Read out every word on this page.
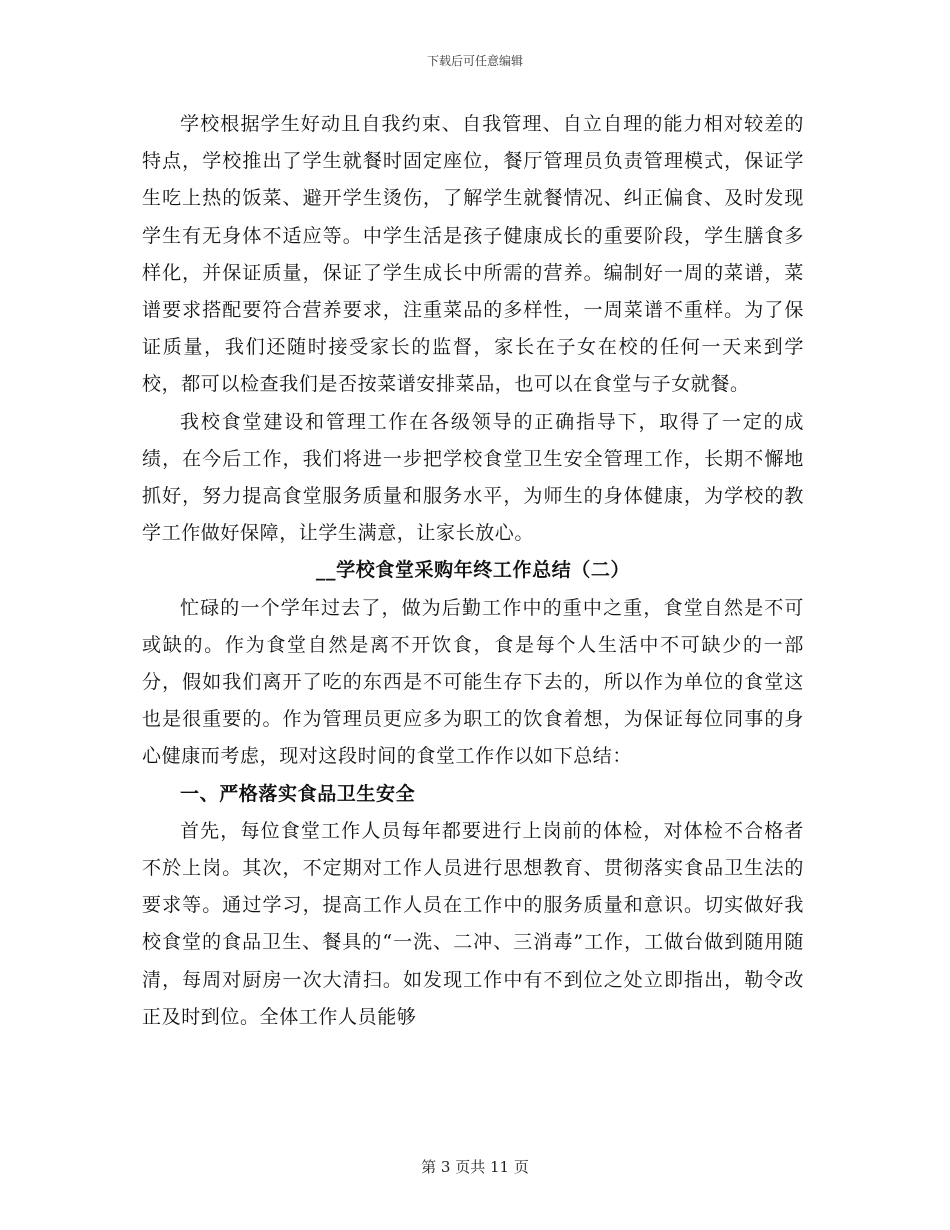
下载后可任意编辑

学校根据学生好动且自我约束、自我管理、自立自理的能力相对较差的特点，学校推出了学生就餐时固定座位，餐厅管理员负责管理模式，保证学生吃上热的饭菜、避开学生烫伤，了解学生就餐情况、纠正偏食、及时发现学生有无身体不适应等。中学生活是孩子健康成长的重要阶段，学生膳食多样化，并保证质量，保证了学生成长中所需的营养。编制好一周的菜谱，菜谱要求搭配要符合营养要求，注重菜品的多样性，一周菜谱不重样。为了保证质量，我们还随时接受家长的监督，家长在子女在校的任何一天来到学校，都可以检查我们是否按菜谱安排菜品，也可以在食堂与子女就餐。

我校食堂建设和管理工作在各级领导的正确指导下，取得了一定的成绩，在今后工作，我们将进一步把学校食堂卫生安全管理工作，长期不懈地抓好，努力提高食堂服务质量和服务水平，为师生的身体健康，为学校的教学工作做好保障，让学生满意，让家长放心。

__学校食堂采购年终工作总结（二）

忙碌的一个学年过去了，做为后勤工作中的重中之重，食堂自然是不可或缺的。作为食堂自然是离不开饮食，食是每个人生活中不可缺少的一部分，假如我们离开了吃的东西是不可能生存下去的，所以作为单位的食堂这也是很重要的。作为管理员更应多为职工的饮食着想，为保证每位同事的身心健康而考虑，现对这段时间的食堂工作作以如下总结：

一、严格落实食品卫生安全

首先，每位食堂工作人员每年都要进行上岗前的体检，对体检不合格者不於上岗。其次，不定期对工作人员进行思想教育、贯彻落实食品卫生法的要求等。通过学习，提高工作人员在工作中的服务质量和意识。切实做好我校食堂的食品卫生、餐具的“一洗、二冲、三消毒”工作，工做台做到随用随清，每周对厨房一次大清扫。如发现工作中有不到位之处立即指出，勒令改正及时到位。全体工作人员能够

第 3 页共 11 页
